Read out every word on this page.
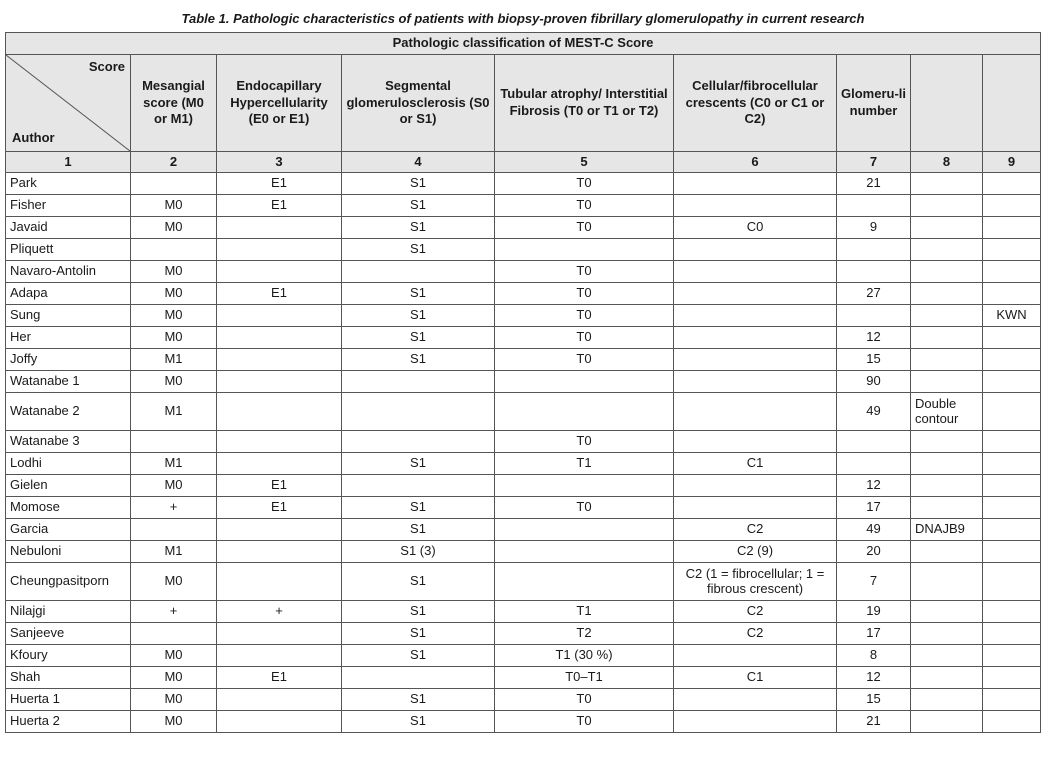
Table 1. Pathologic characteristics of patients with biopsy-proven fibrillary glomerulopathy in current research
Pathologic classification of MEST-C Score								

Score
Author	Mesangial score (M0 or M1)	Endocapillary Hypercellularity (E0 or E1)	Segmental glomerulosclerosis (S0 or S1)	Tubular atrophy/ Interstitial Fibrosis (T0 or T1 or T2)	Cellular/fibrocellular crescents (C0 or C1 or C2)	Glomeru-li number		
1	2	3	4	5	6	7	8	9
Park		E1	S1	T0		21		
Fisher	M0	E1	S1	T0				
Javaid	M0		S1	T0	C0	9		
Pliquett			S1					
Navaro-Antolin	M0			T0				
Adapa	M0	E1	S1	T0		27		
Sung	M0		S1	T0				KWN
Her	M0		S1	T0		12		
Joffy	M1		S1	T0		15		
Watanabe 1	M0					90		
Watanabe 2	M1					49	Double contour	
Watanabe 3				T0				
Lodhi	M1		S1	T1	C1			
Gielen	M0	E1				12		
Momose	+	E1	S1	T0		17		
Garcia			S1		C2	49	DNAJB9	
Nebuloni	M1		S1 (3)		C2 (9)	20		
Cheungpasitporn	M0		S1		C2 (1 = fibrocellular; 1 = fibrous crescent)	7		
Nilajgi	+	+	S1	T1	C2	19		
Sanjeeve			S1	T2	C2	17		
Kfoury	M0		S1	T1 (30 %)		8		
Shah	M0	E1		T0–T1	C1	12		
Huerta 1	M0		S1	T0		15		
Huerta 2	M0		S1	T0		21		
